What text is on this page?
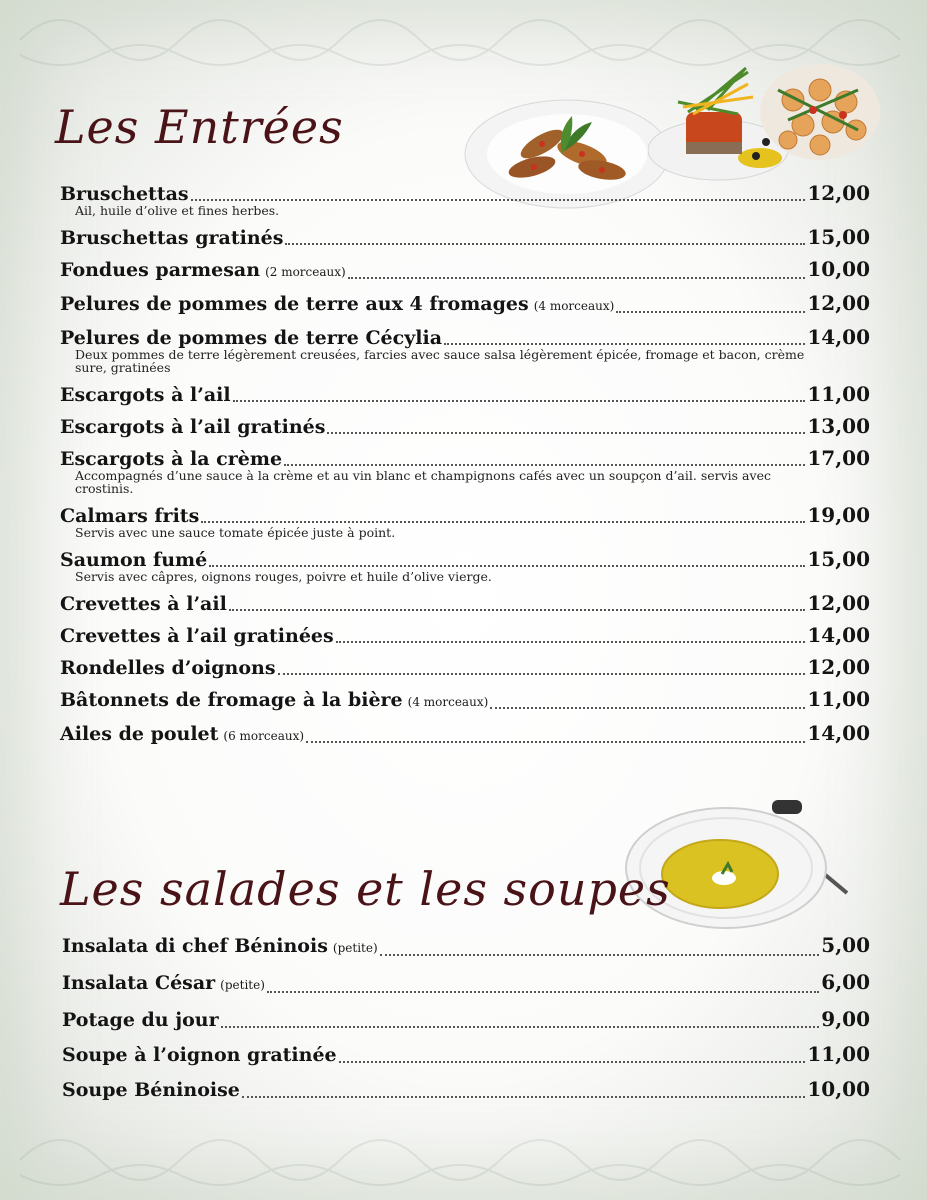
Les Entrées
Bruschettas	12,00
Ail, huile d’olive et fines herbes.
Bruschettas gratinés	15,00
Fondues parmesan (2 morceaux)	10,00
Pelures de pommes de terre aux 4 fromages (4 morceaux)	12,00
Pelures de pommes de terre Cécylia	14,00
Deux pommes de terre légèrement creusées, farcies avec sauce salsa légèrement épicée, fromage et bacon, crème sure, gratinées
Escargots à l’ail	11,00
Escargots à l’ail gratinés	13,00
Escargots à la crème	17,00
Accompagnés d’une sauce à la crème et au vin blanc et champignons cafés avec un soupçon d’ail. servis avec crostinis.
Calmars frits	19,00
Servis avec une sauce tomate épicée juste à point.
Saumon fumé	15,00
Servis avec câpres, oignons rouges, poivre et huile d’olive vierge.
Crevettes à l’ail	12,00
Crevettes à l’ail gratinées	14,00
Rondelles d’oignons	12,00
Bâtonnets de fromage à la bière (4 morceaux)	11,00
Ailes de poulet (6 morceaux)	14,00
Les salades et les soupes
Insalata di chef Béninois (petite)	5,00
Insalata César (petite)	6,00
Potage du jour	9,00
Soupe à l’oignon gratinée	11,00
Soupe Béninoise	10,00
